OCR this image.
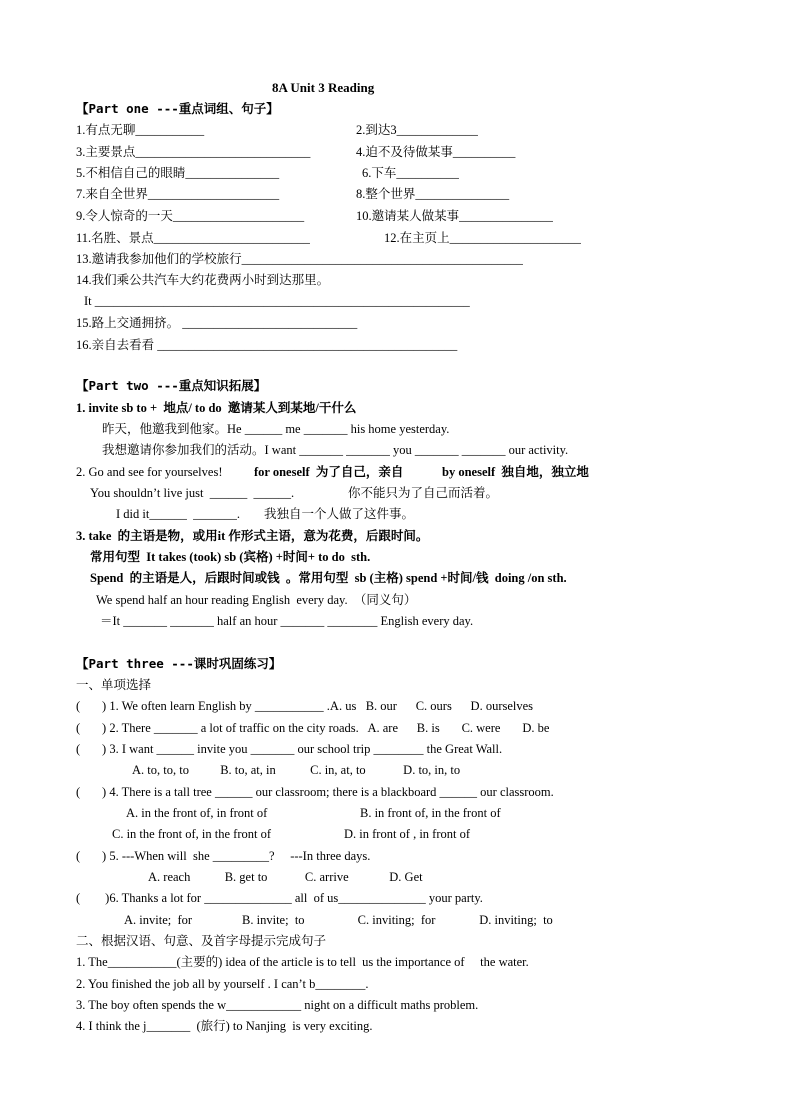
8A Unit 3 Reading
【Part one ---重点词组、句子】
1.有点无聊___________	2.到达3_____________
3.主要景点____________________________	4.迫不及待做某事__________
5.不相信自己的眼睛_______________	6.下车__________
7.来自全世界_____________________	8.整个世界_______________
9.令人惊奇的一天_____________________	10.邀请某人做某事_______________
11.名胜、景点_________________________	12.在主页上_____________________
13.邀请我参加他们的学校旅行_____________________________________________
14.我们乘公共汽车大约花费两小时到达那里。
It ____________________________________________________________
15.路上交通拥挤。 ____________________________
16.亲自去看看 ________________________________________________
【Part two ---重点知识拓展】
1. invite sb to +  地点/ to do  邀请某人到某地/干什么
昨天，他邀我到他家。He ______ me _______ his home yesterday.
我想邀请你参加我们的活动。I want _______ _______ you _______ _______ our activity.
2. Go and see for yourselves!	for oneself  为了自己，亲自	by oneself  独自地，独立地
You shouldn’t live just  ______  ______.	你不能只为了自己而活着。
I did it______  _______. 我独自一个人做了这件事。
3. take  的主语是物，或用it 作形式主语，意为花费，后跟时间。
常用句型  It takes (took) sb (宾格) +时间+ to do  sth.
Spend  的主语是人，后跟时间或钱  。常用句型  sb (主格) spend +时间/钱  doing /on sth.
We spend half an hour reading English  every day.  （同义句）
＝It _______ _______ half an hour _______ ________ English every day.
【Part three ---课时巩固练习】
一、单项选择
(       ) 1. We often learn English by ___________ .A. us   B. our      C. ours      D. ourselves
(       ) 2. There _______ a lot of traffic on the city roads.   A. are      B. is       C. were       D. be
(       ) 3. I want ______ invite you _______ our school trip ________ the Great Wall.
A. to, to, to          B. to, at, in           C. in, at, to            D. to, in, to
(       ) 4. There is a tall tree ______ our classroom; there is a blackboard ______ our classroom.
A. in the front of, in front of	B. in front of, in the front of
C. in the front of, in the front of	D. in front of , in front of
(       ) 5. ---When will  she _________?     ---In three days.
A. reach           B. get to            C. arrive             D. Get
(        )6. Thanks a lot for ______________ all  of us______________ your party.
A. invite;  for                B. invite;  to                 C. inviting;  for              D. inviting;  to
二、根据汉语、句意、及首字母提示完成句子
1. The___________(主要的) idea of the article is to tell  us the importance of     the water.
2. You finished the job all by yourself . I can’t b________.
3. The boy often spends the w____________ night on a difficult maths problem.
4. I think the j_______  (旅行) to Nanjing  is very exciting.
